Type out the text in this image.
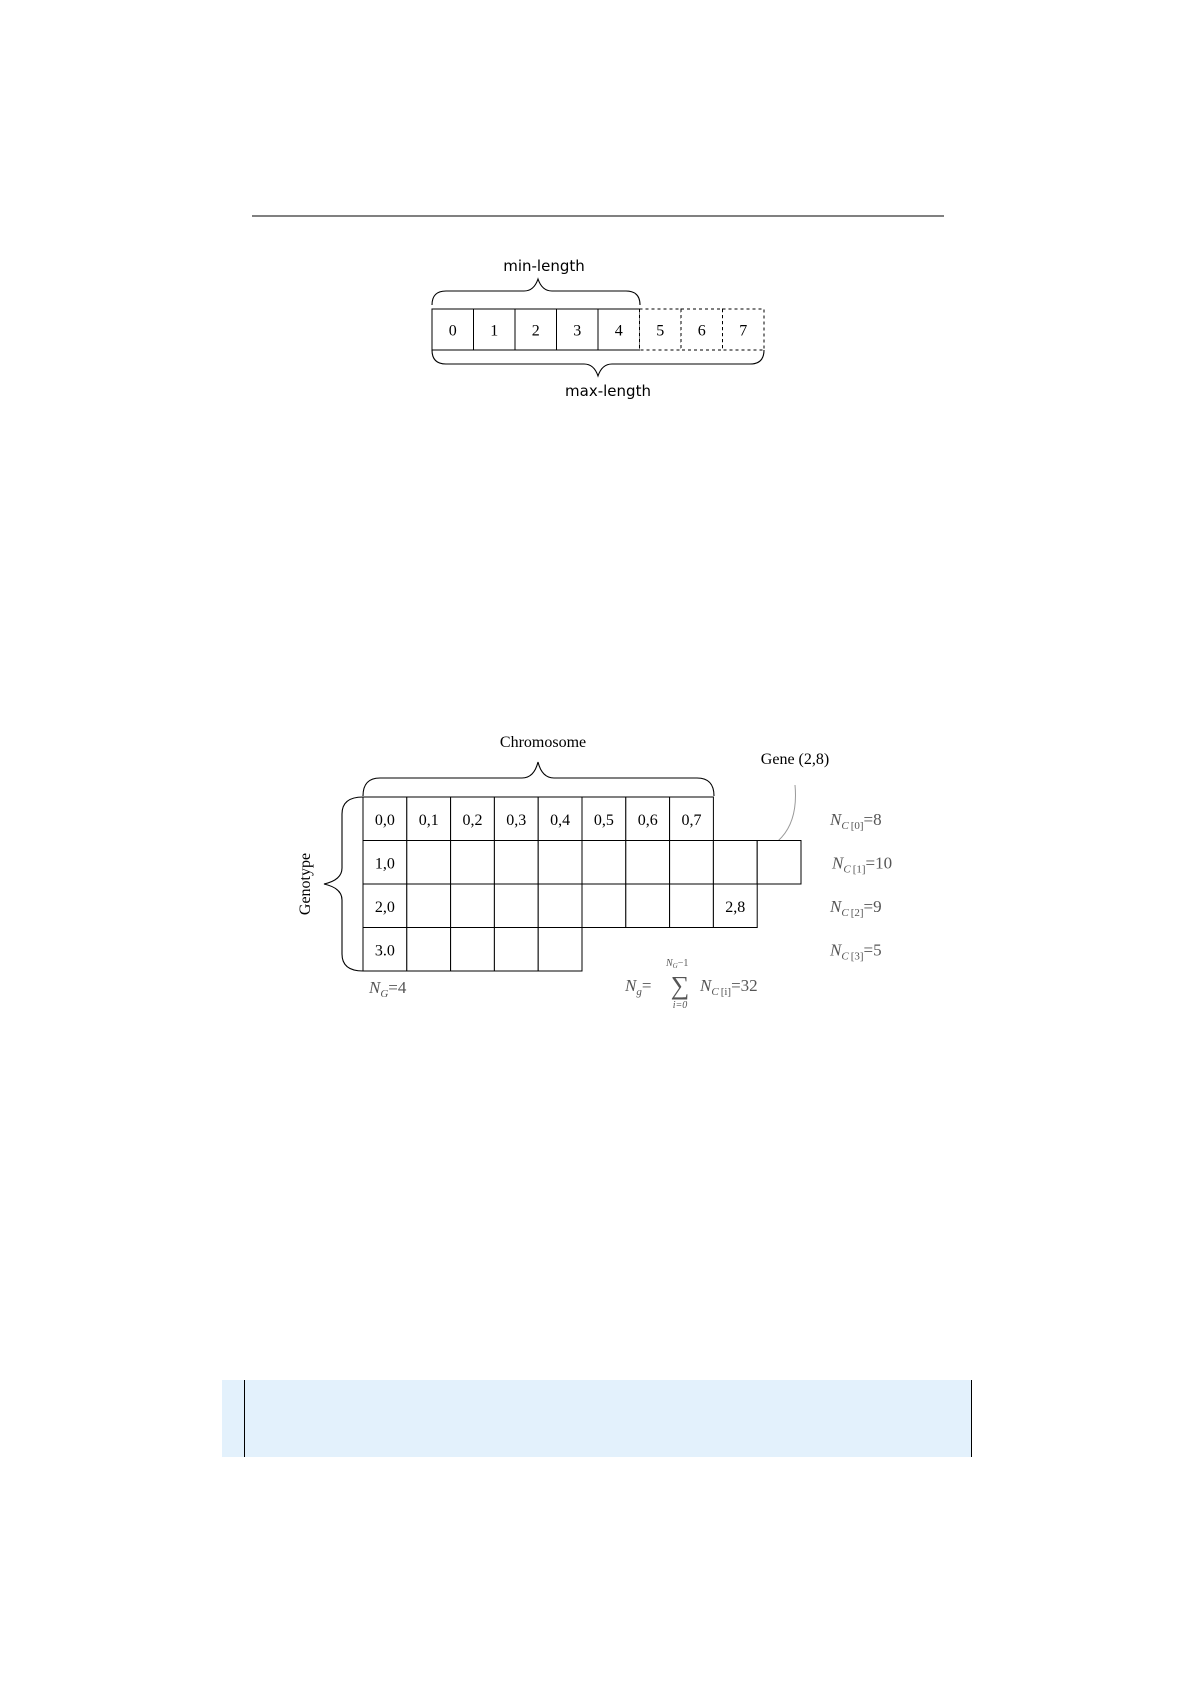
min-length
0 1 2 3 4 5 6 7
max-length
Chromosome
Gene (2,8)
Genotype
0,0 0,1 0,2 0,3 0,4 0,5 0,6 0,7
1,0
2,0	2,8
3.0
$N_C$ [0]=8
$N_C$ [1]=10
$N_C$ [2]=9
$N_C$ [3]=5
$N_G=4$	$N_g=$
$N_G-1$
∑
i=0
$N_C$ [i]=32
